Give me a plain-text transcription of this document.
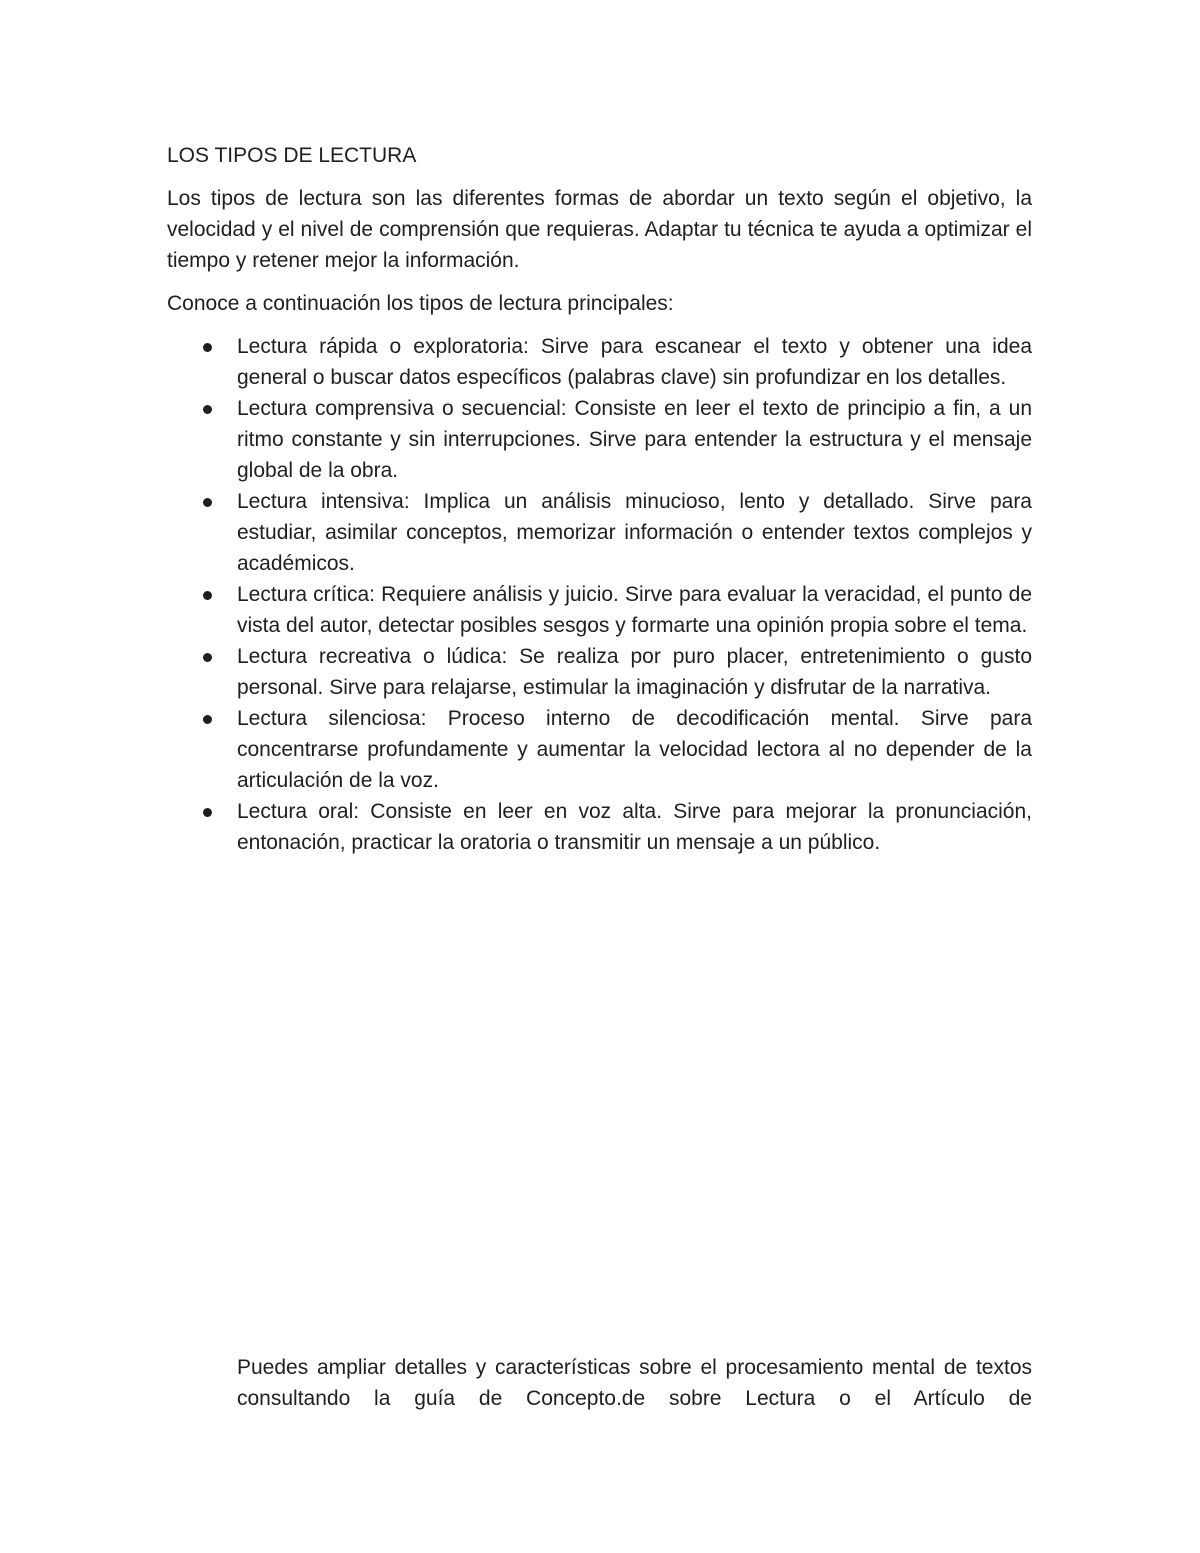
LOS TIPOS DE LECTURA

Los tipos de lectura son las diferentes formas de abordar un texto según el objetivo, la velocidad y el nivel de comprensión que requieras. Adaptar tu técnica te ayuda a optimizar el tiempo y retener mejor la información.

Conoce a continuación los tipos de lectura principales:

Lectura rápida o exploratoria: Sirve para escanear el texto y obtener una idea general o buscar datos específicos (palabras clave) sin profundizar en los detalles.
Lectura comprensiva o secuencial: Consiste en leer el texto de principio a fin, a un ritmo constante y sin interrupciones. Sirve para entender la estructura y el mensaje global de la obra.
Lectura intensiva: Implica un análisis minucioso, lento y detallado. Sirve para estudiar, asimilar conceptos, memorizar información o entender textos complejos y académicos.
Lectura crítica: Requiere análisis y juicio. Sirve para evaluar la veracidad, el punto de vista del autor, detectar posibles sesgos y formarte una opinión propia sobre el tema.
Lectura recreativa o lúdica: Se realiza por puro placer, entretenimiento o gusto personal. Sirve para relajarse, estimular la imaginación y disfrutar de la narrativa.
Lectura silenciosa: Proceso interno de decodificación mental. Sirve para concentrarse profundamente y aumentar la velocidad lectora al no depender de la articulación de la voz.
Lectura oral: Consiste en leer en voz alta. Sirve para mejorar la pronunciación, entonación, practicar la oratoria o transmitir un mensaje a un público.

Puedes ampliar detalles y características sobre el procesamiento mental de textos consultando la guía de Concepto.de sobre Lectura o el Artículo de
